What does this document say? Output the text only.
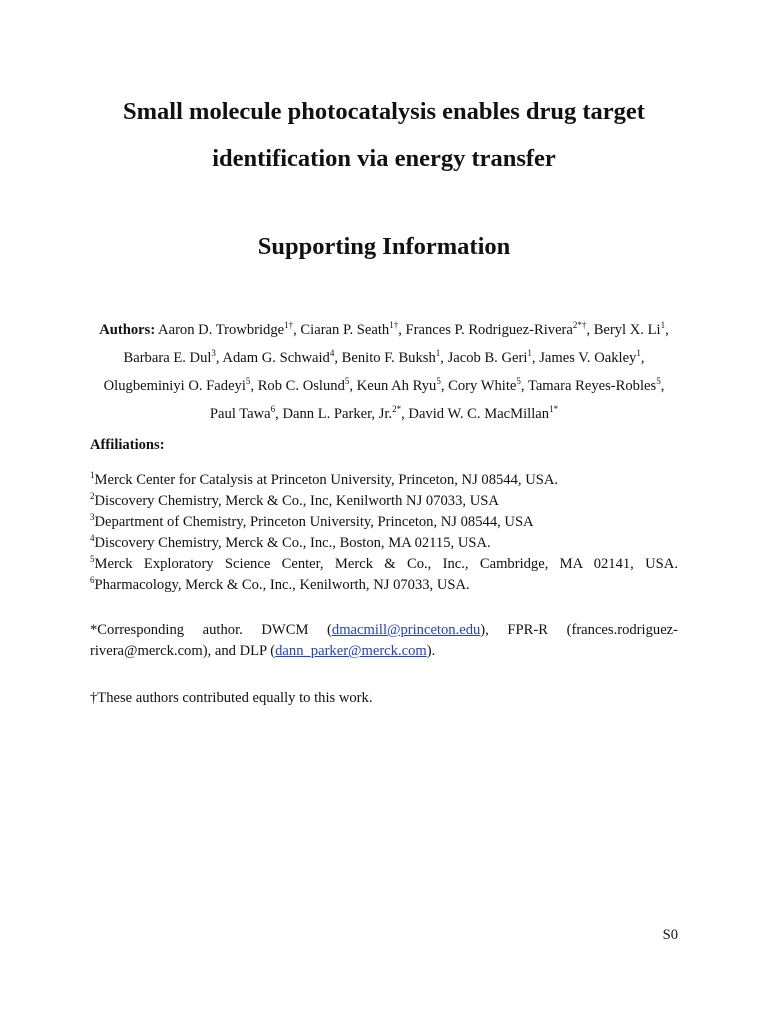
Small molecule photocatalysis enables drug target
identification via energy transfer
Supporting Information
Authors: Aaron D. Trowbridge$^{1\dagger}$, Ciaran P. Seath$^{1\dagger}$, Frances P. Rodriguez-Rivera$^{2*\dagger}$, Beryl X. Li$^1$, Barbara E. Dul$^3$, Adam G. Schwaid$^4$, Benito F. Buksh$^1$, Jacob B. Geri$^1$, James V. Oakley$^1$, Olugbeminiyi O. Fadeyi$^5$, Rob C. Oslund$^5$, Keun Ah Ryu$^5$, Cory White$^5$, Tamara Reyes-Robles$^5$, Paul Tawa$^6$, Dann L. Parker, Jr.$^{2*}$, David W. C. MacMillan$^{1*}$
Affiliations:
$^1$Merck Center for Catalysis at Princeton University, Princeton, NJ 08544, USA.
$^2$Discovery Chemistry, Merck & Co., Inc, Kenilworth NJ 07033, USA
$^3$Department of Chemistry, Princeton University, Princeton, NJ 08544, USA
$^4$Discovery Chemistry, Merck & Co., Inc., Boston, MA 02115, USA.
$^5$Merck Exploratory Science Center, Merck & Co., Inc., Cambridge, MA 02141, USA.
$^6$Pharmacology, Merck & Co., Inc., Kenilworth, NJ 07033, USA.
*Corresponding author. DWCM (dmacmill@princeton.edu), FPR-R (frances.rodriguez-rivera@merck.com), and DLP (dann_parker@merck.com).
†These authors contributed equally to this work.
S0
